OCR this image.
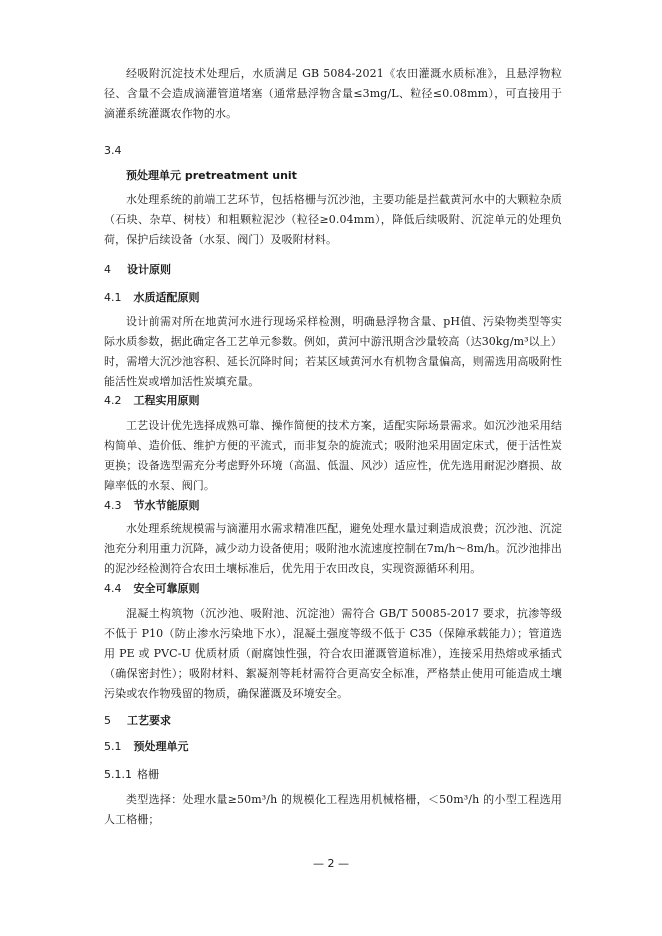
经吸附沉淀技术处理后，水质满足 GB 5084-2021《农田灌溉水质标准》，且悬浮物粒径、含量不会造成滴灌管道堵塞（通常悬浮物含量≤3mg/L、粒径≤0.08mm），可直接用于滴灌系统灌溉农作物的水。
3.4
预处理单元 pretreatment unit
水处理系统的前端工艺环节，包括格栅与沉沙池，主要功能是拦截黄河水中的大颗粒杂质（石块、杂草、树枝）和粗颗粒泥沙（粒径≥0.04mm），降低后续吸附、沉淀单元的处理负荷，保护后续设备（水泵、阀门）及吸附材料。
4 设计原则
4.1 水质适配原则
设计前需对所在地黄河水进行现场采样检测，明确悬浮物含量、pH值、污染物类型等实际水质参数，据此确定各工艺单元参数。例如，黄河中游汛期含沙量较高（达30kg/m³以上）时，需增大沉沙池容积、延长沉降时间；若某区域黄河水有机物含量偏高，则需选用高吸附性能活性炭或增加活性炭填充量。
4.2 工程实用原则
工艺设计优先选择成熟可靠、操作简便的技术方案，适配实际场景需求。如沉沙池采用结构简单、造价低、维护方便的平流式，而非复杂的旋流式；吸附池采用固定床式，便于活性炭更换；设备选型需充分考虑野外环境（高温、低温、风沙）适应性，优先选用耐泥沙磨损、故障率低的水泵、阀门。
4.3 节水节能原则
水处理系统规模需与滴灌用水需求精准匹配，避免处理水量过剩造成浪费；沉沙池、沉淀池充分利用重力沉降，减少动力设备使用；吸附池水流速度控制在7m/h～8m/h。沉沙池排出的泥沙经检测符合农田土壤标准后，优先用于农田改良，实现资源循环利用。
4.4 安全可靠原则
混凝土构筑物（沉沙池、吸附池、沉淀池）需符合 GB/T 50085-2017 要求，抗渗等级不低于 P10（防止渗水污染地下水），混凝土强度等级不低于 C35（保障承载能力）；管道选用 PE 或 PVC-U 优质材质（耐腐蚀性强，符合农田灌溉管道标准），连接采用热熔或承插式（确保密封性）；吸附材料、絮凝剂等耗材需符合更高安全标准，严格禁止使用可能造成土壤污染或农作物残留的物质，确保灌溉及环境安全。
5 工艺要求
5.1 预处理单元
5.1.1 格栅
类型选择：处理水量≥50m³/h 的规模化工程选用机械格栅，＜50m³/h 的小型工程选用人工格栅；
— 2 —
